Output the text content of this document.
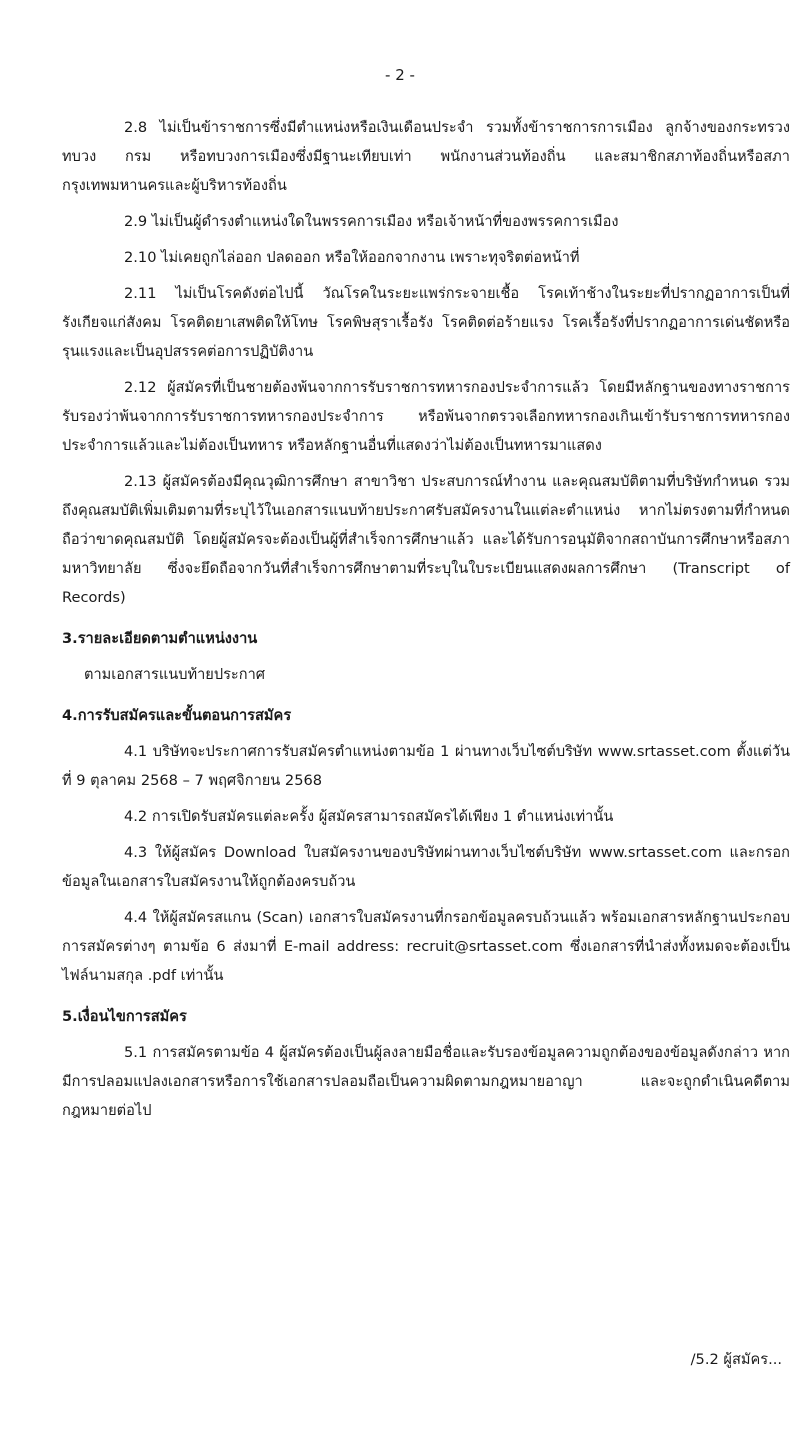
- 2 -

2.8 ไม่เป็นข้าราชการซึ่งมีตำแหน่งหรือเงินเดือนประจำ รวมทั้งข้าราชการการเมือง ลูกจ้างของกระทรวง ทบวง กรม หรือทบวงการเมืองซึ่งมีฐานะเทียบเท่า พนักงานส่วนท้องถิ่น และสมาชิกสภาท้องถิ่นหรือสภากรุงเทพมหานครและผู้บริหารท้องถิ่น

2.9 ไม่เป็นผู้ดำรงตำแหน่งใดในพรรคการเมือง หรือเจ้าหน้าที่ของพรรคการเมือง

2.10 ไม่เคยถูกไล่ออก ปลดออก หรือให้ออกจากงาน เพราะทุจริตต่อหน้าที่

2.11 ไม่เป็นโรคดังต่อไปนี้ วัณโรคในระยะแพร่กระจายเชื้อ โรคเท้าช้างในระยะที่ปรากฏอาการเป็นที่รังเกียจแก่สังคม โรคติดยาเสพติดให้โทษ โรคพิษสุราเรื้อรัง โรคติดต่อร้ายแรง โรคเรื้อรังที่ปรากฏอาการเด่นชัดหรือรุนแรงและเป็นอุปสรรคต่อการปฏิบัติงาน

2.12 ผู้สมัครที่เป็นชายต้องพ้นจากการรับราชการทหารกองประจำการแล้ว โดยมีหลักฐานของทางราชการรับรองว่าพ้นจากการรับราชการทหารกองประจำการ หรือพ้นจากตรวจเลือกทหารกองเกินเข้ารับราชการทหารกองประจำการแล้วและไม่ต้องเป็นทหาร หรือหลักฐานอื่นที่แสดงว่าไม่ต้องเป็นทหารมาแสดง

2.13 ผู้สมัครต้องมีคุณวุฒิการศึกษา สาขาวิชา ประสบการณ์ทำงาน และคุณสมบัติตามที่บริษัทกำหนด รวมถึงคุณสมบัติเพิ่มเติมตามที่ระบุไว้ในเอกสารแนบท้ายประกาศรับสมัครงานในแต่ละตำแหน่ง หากไม่ตรงตามที่กำหนดถือว่าขาดคุณสมบัติ โดยผู้สมัครจะต้องเป็นผู้ที่สำเร็จการศึกษาแล้ว และได้รับการอนุมัติจากสถาบันการศึกษาหรือสภามหาวิทยาลัย ซึ่งจะยึดถือจากวันที่สำเร็จการศึกษาตามที่ระบุในใบระเบียนแสดงผลการศึกษา (Transcript of Records)

3.รายละเอียดตามตำแหน่งงาน

ตามเอกสารแนบท้ายประกาศ

4.การรับสมัครและขั้นตอนการสมัคร

4.1 บริษัทจะประกาศการรับสมัครตำแหน่งตามข้อ 1 ผ่านทางเว็บไซต์บริษัท www.srtasset.com ตั้งแต่วันที่ 9 ตุลาคม 2568 – 7 พฤศจิกายน 2568

4.2 การเปิดรับสมัครแต่ละครั้ง ผู้สมัครสามารถสมัครได้เพียง 1 ตำแหน่งเท่านั้น

4.3 ให้ผู้สมัคร Download ใบสมัครงานของบริษัทผ่านทางเว็บไซต์บริษัท www.srtasset.com และกรอกข้อมูลในเอกสารใบสมัครงานให้ถูกต้องครบถ้วน

4.4 ให้ผู้สมัครสแกน (Scan) เอกสารใบสมัครงานที่กรอกข้อมูลครบถ้วนแล้ว พร้อมเอกสารหลักฐานประกอบการสมัครต่างๆ ตามข้อ 6 ส่งมาที่ E-mail address: recruit@srtasset.com ซึ่งเอกสารที่นำส่งทั้งหมดจะต้องเป็นไฟล์นามสกุล .pdf เท่านั้น

5.เงื่อนไขการสมัคร

5.1 การสมัครตามข้อ 4 ผู้สมัครต้องเป็นผู้ลงลายมือชื่อและรับรองข้อมูลความถูกต้องของข้อมูลดังกล่าว หากมีการปลอมแปลงเอกสารหรือการใช้เอกสารปลอมถือเป็นความผิดตามกฎหมายอาญา และจะถูกดำเนินคดีตามกฎหมายต่อไป

/5.2 ผู้สมัคร...
